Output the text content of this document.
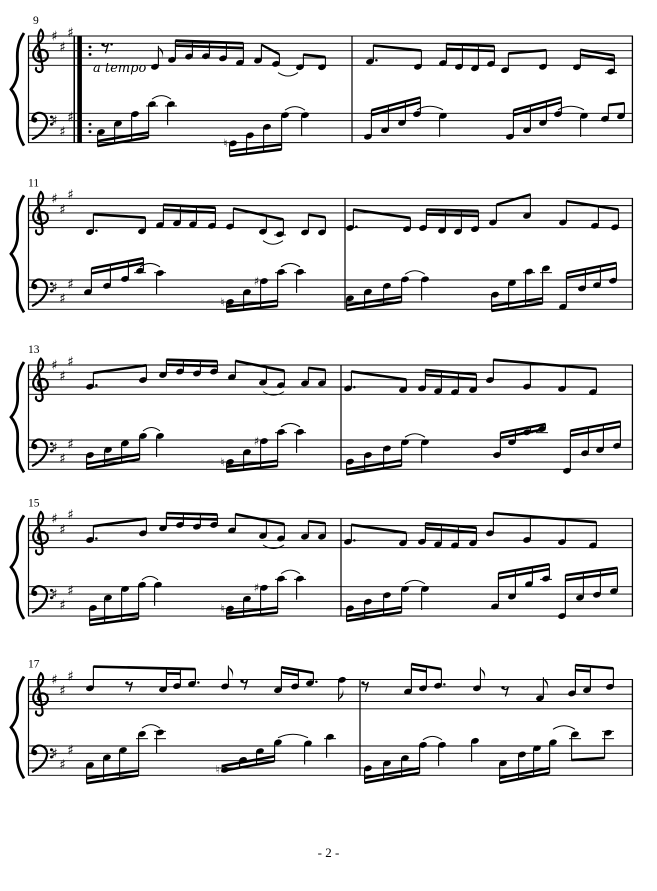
♯
♯
♯
♯
♯
♯
9
♮
♯
♯
♯
♯
♯
♯
11
♮
♯
♯
♯
♯
♯
♯
♯
13
♮
♯
♯
♯
♯
♯
♯
♯
15
♮
♯
♯
♯
♯
♯
♯
♯
17
♮
a tempo
- 2 -
